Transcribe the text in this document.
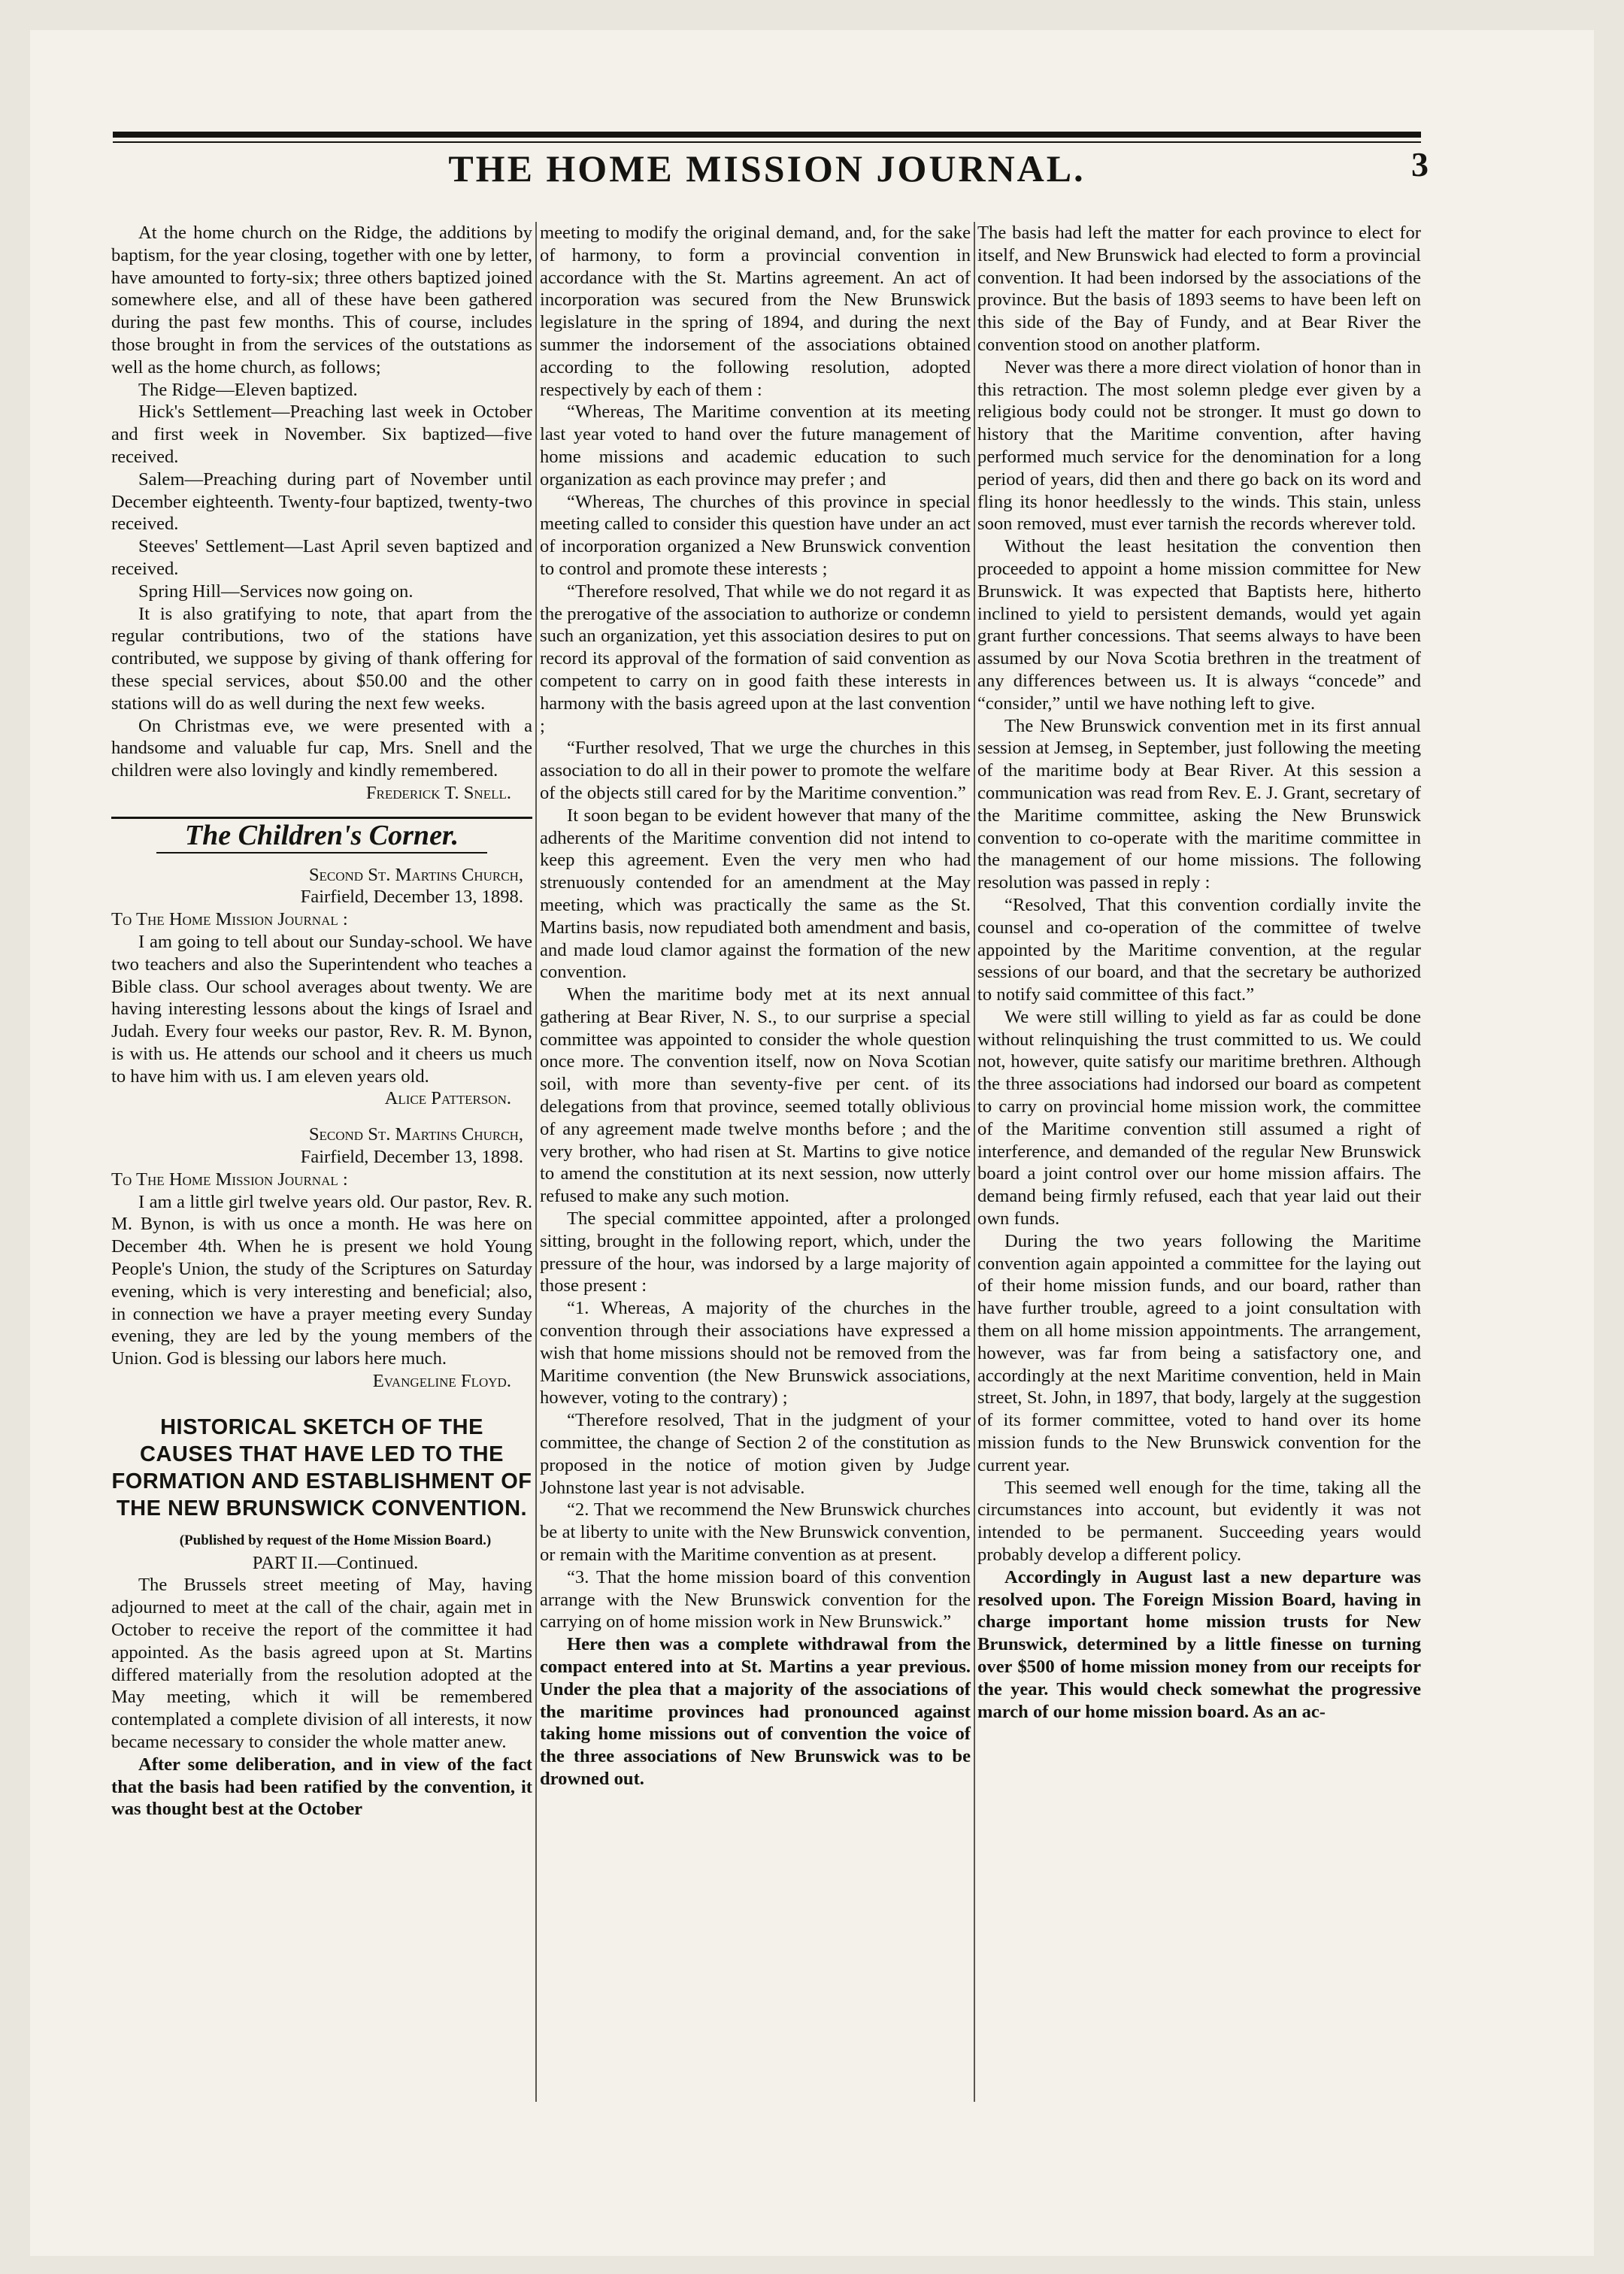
THE HOME MISSION JOURNAL.	3

At the home church on the Ridge, the additions by baptism, for the year closing, together with one by letter, have amounted to forty-six; three others baptized joined somewhere else, and all of these have been gathered during the past few months. This of course, includes those brought in from the services of the outstations as well as the home church, as follows;

The Ridge—Eleven baptized.

Hick's Settlement—Preaching last week in October and first week in November. Six baptized—five received.

Salem—Preaching during part of November until December eighteenth. Twenty-four baptized, twenty-two received.

Steeves' Settlement—Last April seven baptized and received.

Spring Hill—Services now going on.

It is also gratifying to note, that apart from the regular contributions, two of the stations have contributed, we suppose by giving of thank offering for these special services, about $50.00 and the other stations will do as well during the next few weeks.

On Christmas eve, we were presented with a handsome and valuable fur cap, Mrs. Snell and the children were also lovingly and kindly remembered.

Frederick T. Snell.

The Children's Corner.

Second St. Martins Church,

Fairfield, December 13, 1898.

To The Home Mission Journal :

I am going to tell about our Sunday-school. We have two teachers and also the Superintendent who teaches a Bible class. Our school averages about twenty. We are having interesting lessons about the kings of Israel and Judah. Every four weeks our pastor, Rev. R. M. Bynon, is with us. He attends our school and it cheers us much to have him with us. I am eleven years old.

Alice Patterson.

Second St. Martins Church,

Fairfield, December 13, 1898.

To The Home Mission Journal :

I am a little girl twelve years old. Our pastor, Rev. R. M. Bynon, is with us once a month. He was here on December 4th. When he is present we hold Young People's Union, the study of the Scriptures on Saturday evening, which is very interesting and beneficial; also, in connection we have a prayer meeting every Sunday evening, they are led by the young members of the Union. God is blessing our labors here much.

Evangeline Floyd.

HISTORICAL SKETCH OF THE CAUSES THAT HAVE LED TO THE FORMATION AND ESTABLISHMENT OF THE NEW BRUNSWICK CONVENTION.

(Published by request of the Home Mission Board.)

PART II.—Continued.

The Brussels street meeting of May, having adjourned to meet at the call of the chair, again met in October to receive the report of the committee it had appointed. As the basis agreed upon at St. Martins differed materially from the resolution adopted at the May meeting, which it will be remembered contemplated a complete division of all interests, it now became necessary to consider the whole matter anew.

After some deliberation, and in view of the fact that the basis had been ratified by the convention, it was thought best at the October

meeting to modify the original demand, and, for the sake of harmony, to form a provincial convention in accordance with the St. Martins agreement. An act of incorporation was secured from the New Brunswick legislature in the spring of 1894, and during the next summer the indorsement of the associations obtained according to the following resolution, adopted respectively by each of them :

“Whereas, The Maritime convention at its meeting last year voted to hand over the future management of home missions and academic education to such organization as each province may prefer ; and

“Whereas, The churches of this province in special meeting called to consider this question have under an act of incorporation organized a New Brunswick convention to control and promote these interests ;

“Therefore resolved, That while we do not regard it as the prerogative of the association to authorize or condemn such an organization, yet this association desires to put on record its approval of the formation of said convention as competent to carry on in good faith these interests in harmony with the basis agreed upon at the last convention ;

“Further resolved, That we urge the churches in this association to do all in their power to promote the welfare of the objects still cared for by the Maritime convention.”

It soon began to be evident however that many of the adherents of the Maritime convention did not intend to keep this agreement. Even the very men who had strenuously contended for an amendment at the May meeting, which was practically the same as the St. Martins basis, now repudiated both amendment and basis, and made loud clamor against the formation of the new convention.

When the maritime body met at its next annual gathering at Bear River, N. S., to our surprise a special committee was appointed to consider the whole question once more. The convention itself, now on Nova Scotian soil, with more than seventy-five per cent. of its delegations from that province, seemed totally oblivious of any agreement made twelve months before ; and the very brother, who had risen at St. Martins to give notice to amend the constitution at its next session, now utterly refused to make any such motion.

The special committee appointed, after a prolonged sitting, brought in the following report, which, under the pressure of the hour, was indorsed by a large majority of those present :

“1. Whereas, A majority of the churches in the convention through their associations have expressed a wish that home missions should not be removed from the Maritime convention (the New Brunswick associations, however, voting to the contrary) ;

“Therefore resolved, That in the judgment of your committee, the change of Section 2 of the constitution as proposed in the notice of motion given by Judge Johnstone last year is not advisable.

“2. That we recommend the New Brunswick churches be at liberty to unite with the New Brunswick convention, or remain with the Maritime convention as at present.

“3. That the home mission board of this convention arrange with the New Brunswick convention for the carrying on of home mission work in New Brunswick.”

Here then was a complete withdrawal from the compact entered into at St. Martins a year previous. Under the plea that a majority of the associations of the maritime provinces had pronounced against taking home missions out of convention the voice of the three associations of New Brunswick was to be drowned out.

The basis had left the matter for each province to elect for itself, and New Brunswick had elected to form a provincial convention. It had been indorsed by the associations of the province. But the basis of 1893 seems to have been left on this side of the Bay of Fundy, and at Bear River the convention stood on another platform.

Never was there a more direct violation of honor than in this retraction. The most solemn pledge ever given by a religious body could not be stronger. It must go down to history that the Maritime convention, after having performed much service for the denomination for a long period of years, did then and there go back on its word and fling its honor heedlessly to the winds. This stain, unless soon removed, must ever tarnish the records wherever told.

Without the least hesitation the convention then proceeded to appoint a home mission committee for New Brunswick. It was expected that Baptists here, hitherto inclined to yield to persistent demands, would yet again grant further concessions. That seems always to have been assumed by our Nova Scotia brethren in the treatment of any differences between us. It is always “concede” and “consider,” until we have nothing left to give.

The New Brunswick convention met in its first annual session at Jemseg, in September, just following the meeting of the maritime body at Bear River. At this session a communication was read from Rev. E. J. Grant, secretary of the Maritime committee, asking the New Brunswick convention to co-operate with the maritime committee in the management of our home missions. The following resolution was passed in reply :

“Resolved, That this convention cordially invite the counsel and co-operation of the committee of twelve appointed by the Maritime convention, at the regular sessions of our board, and that the secretary be authorized to notify said committee of this fact.”

We were still willing to yield as far as could be done without relinquishing the trust committed to us. We could not, however, quite satisfy our maritime brethren. Although the three associations had indorsed our board as competent to carry on provincial home mission work, the committee of the Maritime convention still assumed a right of interference, and demanded of the regular New Brunswick board a joint control over our home mission affairs. The demand being firmly refused, each that year laid out their own funds.

During the two years following the Maritime convention again appointed a committee for the laying out of their home mission funds, and our board, rather than have further trouble, agreed to a joint consultation with them on all home mission appointments. The arrangement, however, was far from being a satisfactory one, and accordingly at the next Maritime convention, held in Main street, St. John, in 1897, that body, largely at the suggestion of its former committee, voted to hand over its home mission funds to the New Brunswick convention for the current year.

This seemed well enough for the time, taking all the circumstances into account, but evidently it was not intended to be permanent. Succeeding years would probably develop a different policy.

Accordingly in August last a new departure was resolved upon. The Foreign Mission Board, having in charge important home mission trusts for New Brunswick, determined by a little finesse on turning over $500 of home mission money from our receipts for the year. This would check somewhat the progressive march of our home mission board. As an ac-
